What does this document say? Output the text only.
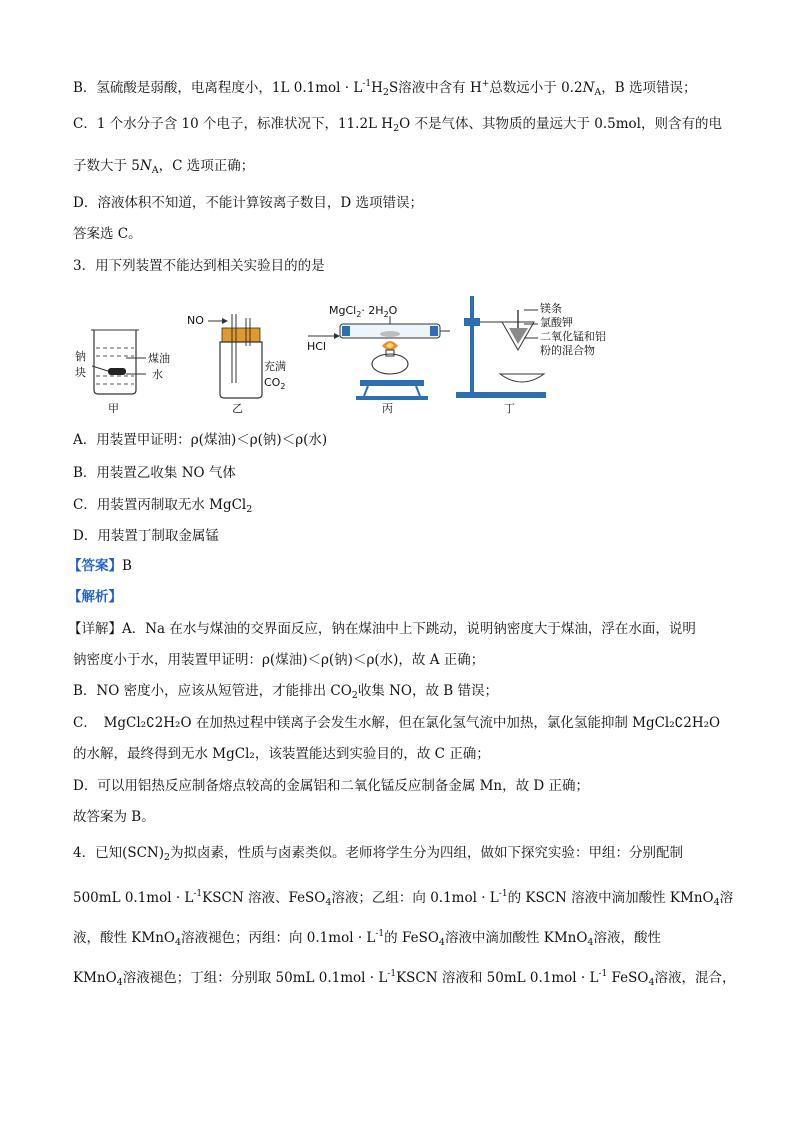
B．氢硫酸是弱酸，电离程度小，1L $0.1mol \cdot L^{-1}H_2S$溶液中含有 H+总数远小于 $0.2N_A$，B 选项错误；
C．1 个水分子含 10 个电子，标准状况下，11.2L $H_2O$ 不是气体、其物质的量远大于 0.5mol，则含有的电
子数大于 $5N_A$，C 选项正确；
D．溶液体积不知道，不能计算铵离子数目，D 选项错误；
答案选 C。
3．用下列装置不能达到相关实验目的的是
钠
块
煤油
水
甲
NO
充满
$CO_2$
乙
MgCl$_2$· $2H_2O$
HCl
丙
镁条
氯酸钾
二氧化锰和铝
粉的混合物
丁
A．用装置甲证明：ρ(煤油)＜ρ(钠)＜ρ(水)
B．用装置乙收集 NO 气体
C．用装置丙制取无水 MgCl$_2$
D．用装置丁制取金属锰
【答案】B
【解析】
【详解】A．Na 在水与煤油的交界面反应，钠在煤油中上下跳动，说明钠密度大于煤油，浮在水面，说明
钠密度小于水，用装置甲证明：ρ(煤油)＜ρ(钠)＜ρ(水)，故 A 正确；
B．NO 密度小，应该从短管进，才能排出 $CO_2$收集 NO，故 B 错误；
C．　MgCl₂∁2H₂O 在加热过程中镁离子会发生水解，但在氯化氢气流中加热，氯化氢能抑制 MgCl₂∁2H₂O
的水解，最终得到无水 MgCl₂，该装置能达到实验目的，故 C 正确；
D．可以用铝热反应制备熔点较高的金属铝和二氧化锰反应制备金属 Mn，故 D 正确；
故答案为 B。
4．已知$(SCN)_2$为拟卤素，性质与卤素类似。老师将学生分为四组，做如下探究实验：甲组：分别配制
500mL $0.1mol \cdot L^{-1}KSCN$ 溶液、FeSO$_4$溶液；乙组：向 $0.1mol \cdot L^{-1}$的 KSCN 溶液中滴加酸性 KMnO$_4$溶
液，酸性 KMnO$_4$溶液褪色；丙组：向 $0.1mol \cdot L^{-1}$的 FeSO$_4$溶液中滴加酸性 KMnO$_4$溶液，酸性
KMnO$_4$溶液褪色；丁组：分别取 50mL $0.1mol \cdot L^{-1}KSCN$ 溶液和 50mL $0.1mol \cdot L^{-1}$ FeSO$_4$溶液，混合，
